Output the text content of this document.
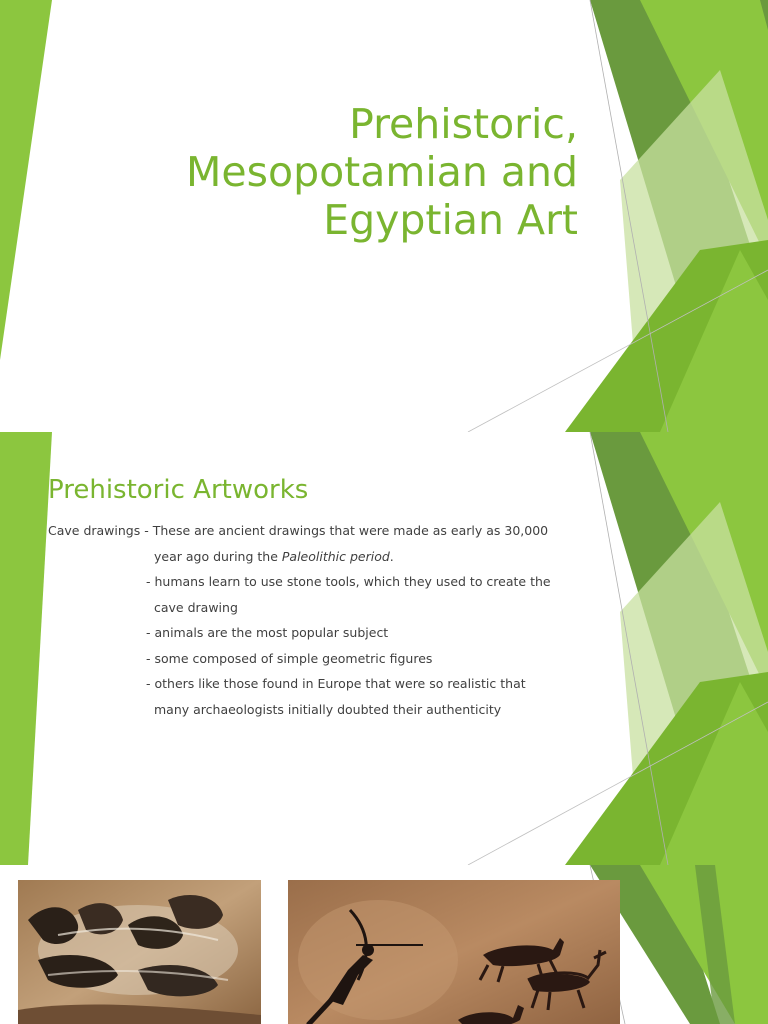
Prehistoric,
Mesopotamian and
Egyptian Art
Prehistoric Artworks
Cave drawings - These are ancient drawings that were made as early as 30,000
year ago during the Paleolithic period.
- humans learn to use stone tools, which they used to create the
cave drawing
- animals are the most popular subject
- some composed of simple geometric figures
- others like those found in Europe that were so realistic that
many archaeologists initially doubted their authenticity
